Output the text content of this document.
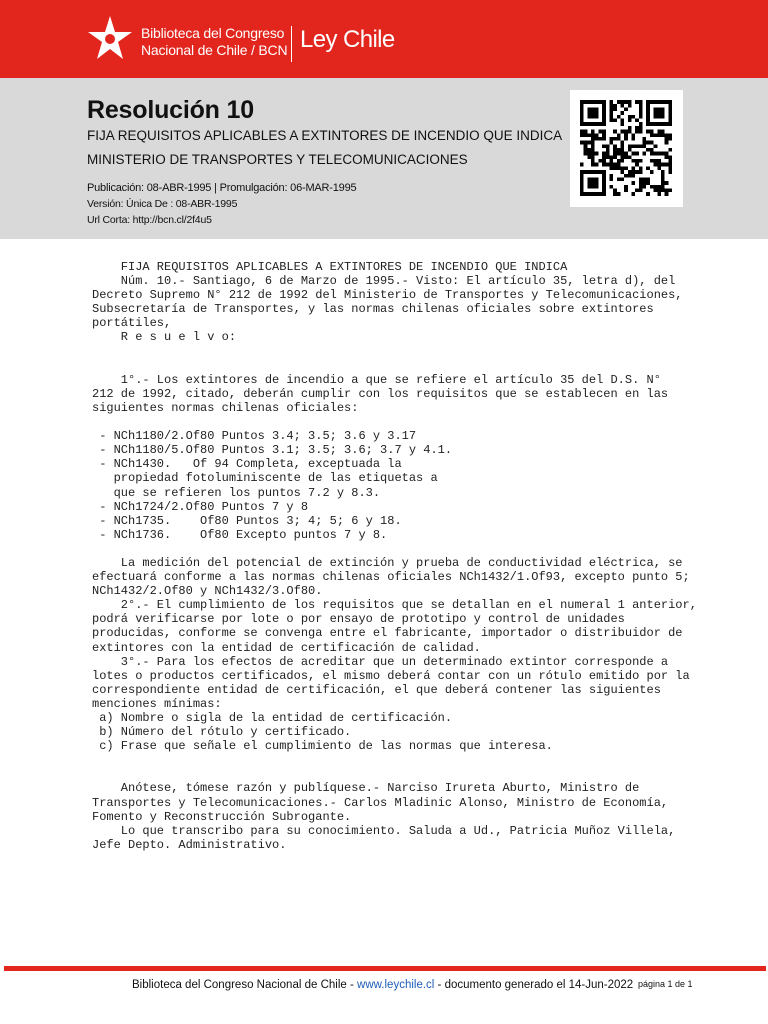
Biblioteca del Congreso
Nacional de Chile / BCN Ley Chile
Resolución 10
FIJA REQUISITOS APLICABLES A EXTINTORES DE INCENDIO QUE INDICA
MINISTERIO DE TRANSPORTES Y TELECOMUNICACIONES
Publicación: 08-ABR-1995 | Promulgación: 06-MAR-1995
Versión: Única De : 08-ABR-1995
Url Corta: http://bcn.cl/2f4u5
FIJA REQUISITOS APLICABLES A EXTINTORES DE INCENDIO QUE INDICA
Núm. 10.- Santiago, 6 de Marzo de 1995.- Visto: El artículo 35, letra d), del
Decreto Supremo N° 212 de 1992 del Ministerio de Transportes y Telecomunicaciones,
Subsecretaría de Transportes, y las normas chilenas oficiales sobre extintores
portátiles,
R e s u e l v o:

1°.- Los extintores de incendio a que se refiere el artículo 35 del D.S. N°
212 de 1992, citado, deberán cumplir con los requisitos que se establecen en las
siguientes normas chilenas oficiales:

- NCh1180/2.Of80 Puntos 3.4; 3.5; 3.6 y 3.17
- NCh1180/5.Of80 Puntos 3.1; 3.5; 3.6; 3.7 y 4.1.
- NCh1430.   Of 94 Completa, exceptuada la
propiedad fotoluminiscente de las etiquetas a
que se refieren los puntos 7.2 y 8.3.
- NCh1724/2.Of80 Puntos 7 y 8
- NCh1735.    Of80 Puntos 3; 4; 5; 6 y 18.
- NCh1736.    Of80 Excepto puntos 7 y 8.

La medición del potencial de extinción y prueba de conductividad eléctrica, se
efectuará conforme a las normas chilenas oficiales NCh1432/1.Of93, excepto punto 5;
NCh1432/2.Of80 y NCh1432/3.Of80.
2°.- El cumplimiento de los requisitos que se detallan en el numeral 1 anterior,
podrá verificarse por lote o por ensayo de prototipo y control de unidades
producidas, conforme se convenga entre el fabricante, importador o distribuidor de
extintores con la entidad de certificación de calidad.
3°.- Para los efectos de acreditar que un determinado extintor corresponde a
lotes o productos certificados, el mismo deberá contar con un rótulo emitido por la
correspondiente entidad de certificación, el que deberá contener las siguientes
menciones mínimas:
a) Nombre o sigla de la entidad de certificación.
b) Número del rótulo y certificado.
c) Frase que señale el cumplimiento de las normas que interesa.

Anótese, tómese razón y publíquese.- Narciso Irureta Aburto, Ministro de
Transportes y Telecomunicaciones.- Carlos Mladinic Alonso, Ministro de Economía,
Fomento y Reconstrucción Subrogante.
Lo que transcribo para su conocimiento. Saluda a Ud., Patricia Muñoz Villela,
Jefe Depto. Administrativo.
Biblioteca del Congreso Nacional de Chile - www.leychile.cl - documento generado el 14-Jun-2022 página 1 de 1
